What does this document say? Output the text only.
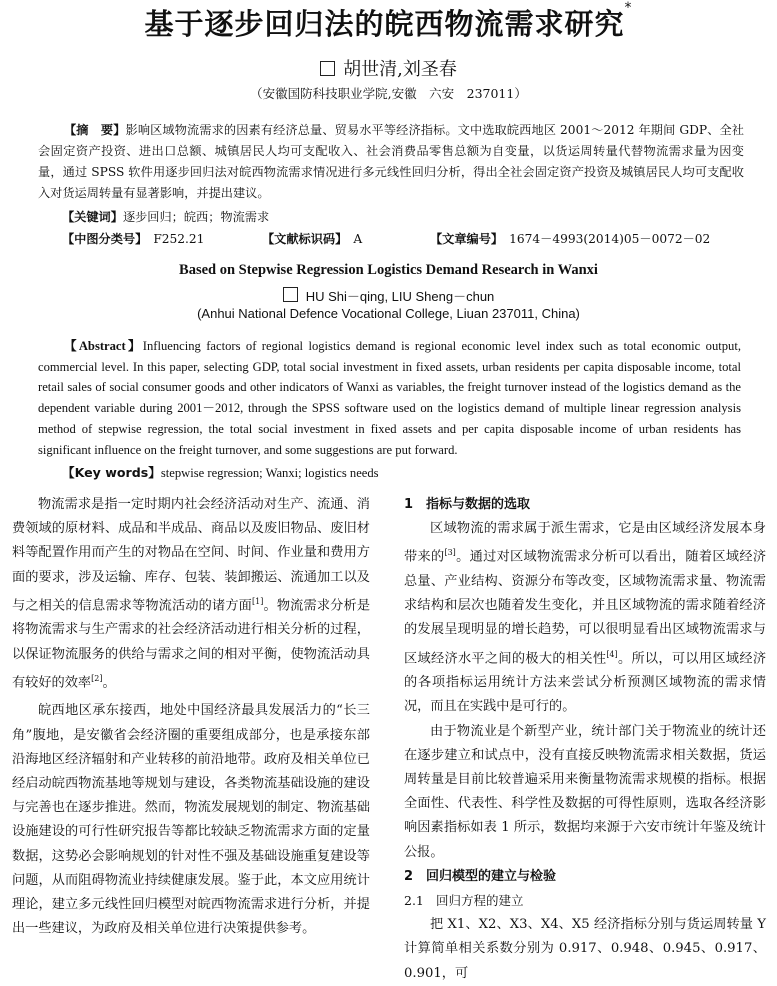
基于逐步回归法的皖西物流需求研究*
胡世清,刘圣春
（安徽国防科技职业学院,安徽　六安　237011）
【摘　要】影响区域物流需求的因素有经济总量、贸易水平等经济指标。文中选取皖西地区 2001～2012 年期间 GDP、全社会固定资产投资、进出口总额、城镇居民人均可支配收入、社会消费品零售总额为自变量，以货运周转量代替物流需求量为因变量，通过 SPSS 软件用逐步回归法对皖西物流需求情况进行多元线性回归分析，得出全社会固定资产投资及城镇居民人均可支配收入对货运周转量有显著影响，并提出建议。
【关键词】逐步回归；皖西；物流需求
【中图分类号】 F252.21	【文献标识码】 A	【文章编号】 1674－4993(2014)05－0072－02
Based on Stepwise Regression Logistics Demand Research in Wanxi
HU Shi－qing, LIU Sheng－chun
(Anhui National Defence Vocational College, Liuan 237011, China)
【Abstract】Influencing factors of regional logistics demand is regional economic level index such as total economic output, commercial level. In this paper, selecting GDP, total social investment in fixed assets, urban residents per capita disposable income, total retail sales of social consumer goods and other indicators of Wanxi as variables, the freight turnover instead of the logistics demand as the dependent variable during 2001－2012, through the SPSS software used on the logistics demand of multiple linear regression analysis method of stepwise regression, the total social investment in fixed assets and per capita disposable income of urban residents has significant influence on the freight turnover, and some suggestions are put forward.
【Key words】stepwise regression; Wanxi; logistics needs

物流需求是指一定时期内社会经济活动对生产、流通、消费领域的原材料、成品和半成品、商品以及废旧物品、废旧材料等配置作用而产生的对物品在空间、时间、作业量和费用方面的要求，涉及运输、库存、包装、装卸搬运、流通加工以及与之相关的信息需求等物流活动的诸方面[1]。物流需求分析是将物流需求与生产需求的社会经济活动进行相关分析的过程，以保证物流服务的供给与需求之间的相对平衡，使物流活动具有较好的效率[2]。

皖西地区承东接西，地处中国经济最具发展活力的“长三角”腹地，是安徽省会经济圈的重要组成部分，也是承接东部沿海地区经济辐射和产业转移的前沿地带。政府及相关单位已经启动皖西物流基地等规划与建设，各类物流基础设施的建设与完善也在逐步推进。然而，物流发展规划的制定、物流基础设施建设的可行性研究报告等都比较缺乏物流需求方面的定量数据，这势必会影响规划的针对性不强及基础设施重复建设等问题，从而阻碍物流业持续健康发展。鉴于此，本文应用统计理论，建立多元线性回归模型对皖西物流需求进行分析，并提出一些建议，为政府及相关单位进行决策提供参考。

1 指标与数据的选取

区域物流的需求属于派生需求，它是由区域经济发展本身带来的[3]。通过对区域物流需求分析可以看出，随着区域经济总量、产业结构、资源分布等改变，区域物流需求量、物流需求结构和层次也随着发生变化，并且区域物流的需求随着经济的发展呈现明显的增长趋势，可以很明显看出区域物流需求与区域经济水平之间的极大的相关性[4]。所以，可以用区域经济的各项指标运用统计方法来尝试分析预测区域物流的需求情况，而且在实践中是可行的。

由于物流业是个新型产业，统计部门关于物流业的统计还在逐步建立和试点中，没有直接反映物流需求相关数据，货运周转量是目前比较普遍采用来衡量物流需求规模的指标。根据全面性、代表性、科学性及数据的可得性原则，选取各经济影响因素指标如表 1 所示，数据均来源于六安市统计年鉴及统计公报。

2 回归模型的建立与检验

2.1 回归方程的建立

把 X1、X2、X3、X4、X5 经济指标分别与货运周转量 Y 计算简单相关系数分别为 0.917、0.948、0.945、0.917、0.901，可
